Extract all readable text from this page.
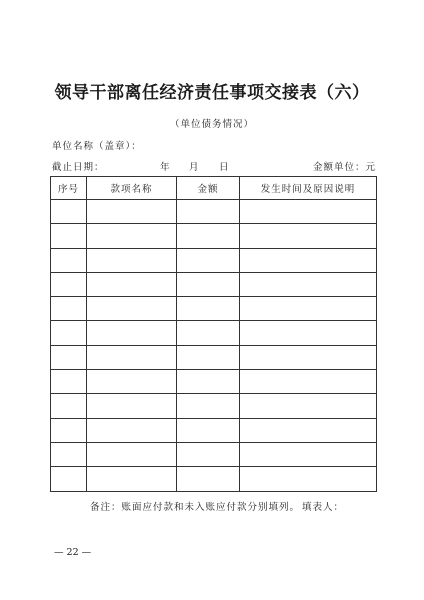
领导干部离任经济责任事项交接表（六）
（单位债务情况）
单位名称（盖章）：
截止日期：	年 月 日	金额单位：元
序号	款项名称	金额	发生时间及原因说明

备注：账面应付款和未入账应付款分别填列。 填表人：
— 22 —
